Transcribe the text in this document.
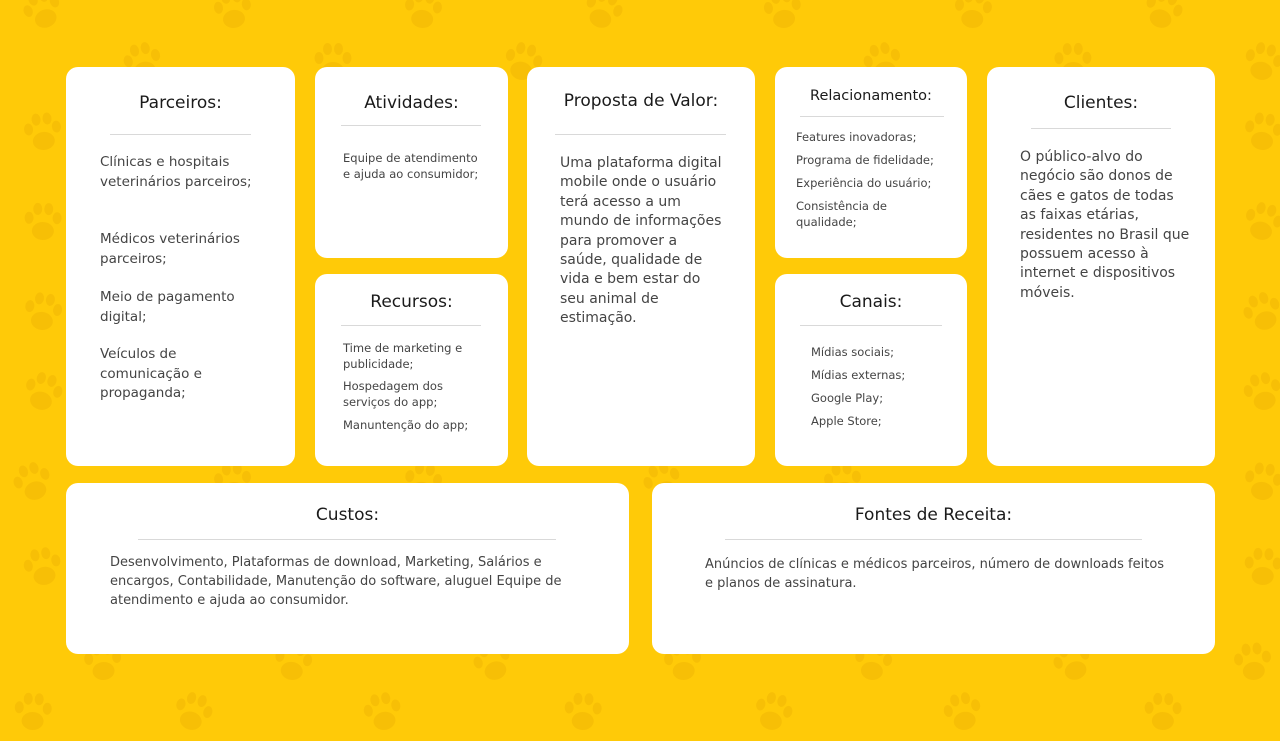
Parceiros:

Clínicas e hospitais veterinários parceiros;

Médicos veterinários parceiros;

Meio de pagamento digital;

Veículos de comunicação e propaganda;

Atividades:

Equipe de atendimento e ajuda ao consumidor;

Recursos:

Time de marketing e publicidade;

Hospedagem dos serviços do app;

Manuntenção do app;

Proposta de Valor:

Uma plataforma digital mobile onde o usuário terá acesso a um mundo de informações para promover a saúde, qualidade de vida e bem estar do seu animal de estimação.

Relacionamento:

Features inovadoras;

Programa de fidelidade;

Experiência do usuário;

Consistência de qualidade;

Canais:

Mídias sociais;

Mídias externas;

Google Play;

Apple Store;

Clientes:

O público-alvo do negócio são donos de cães e gatos de todas as faixas etárias, residentes no Brasil que possuem acesso à internet e dispositivos móveis.

Custos:

Desenvolvimento, Plataformas de download, Marketing, Salários e encargos, Contabilidade, Manutenção do software, aluguel Equipe de atendimento e ajuda ao consumidor.

Fontes de Receita:

Anúncios de clínicas e médicos parceiros, número de downloads feitos e planos de assinatura.
